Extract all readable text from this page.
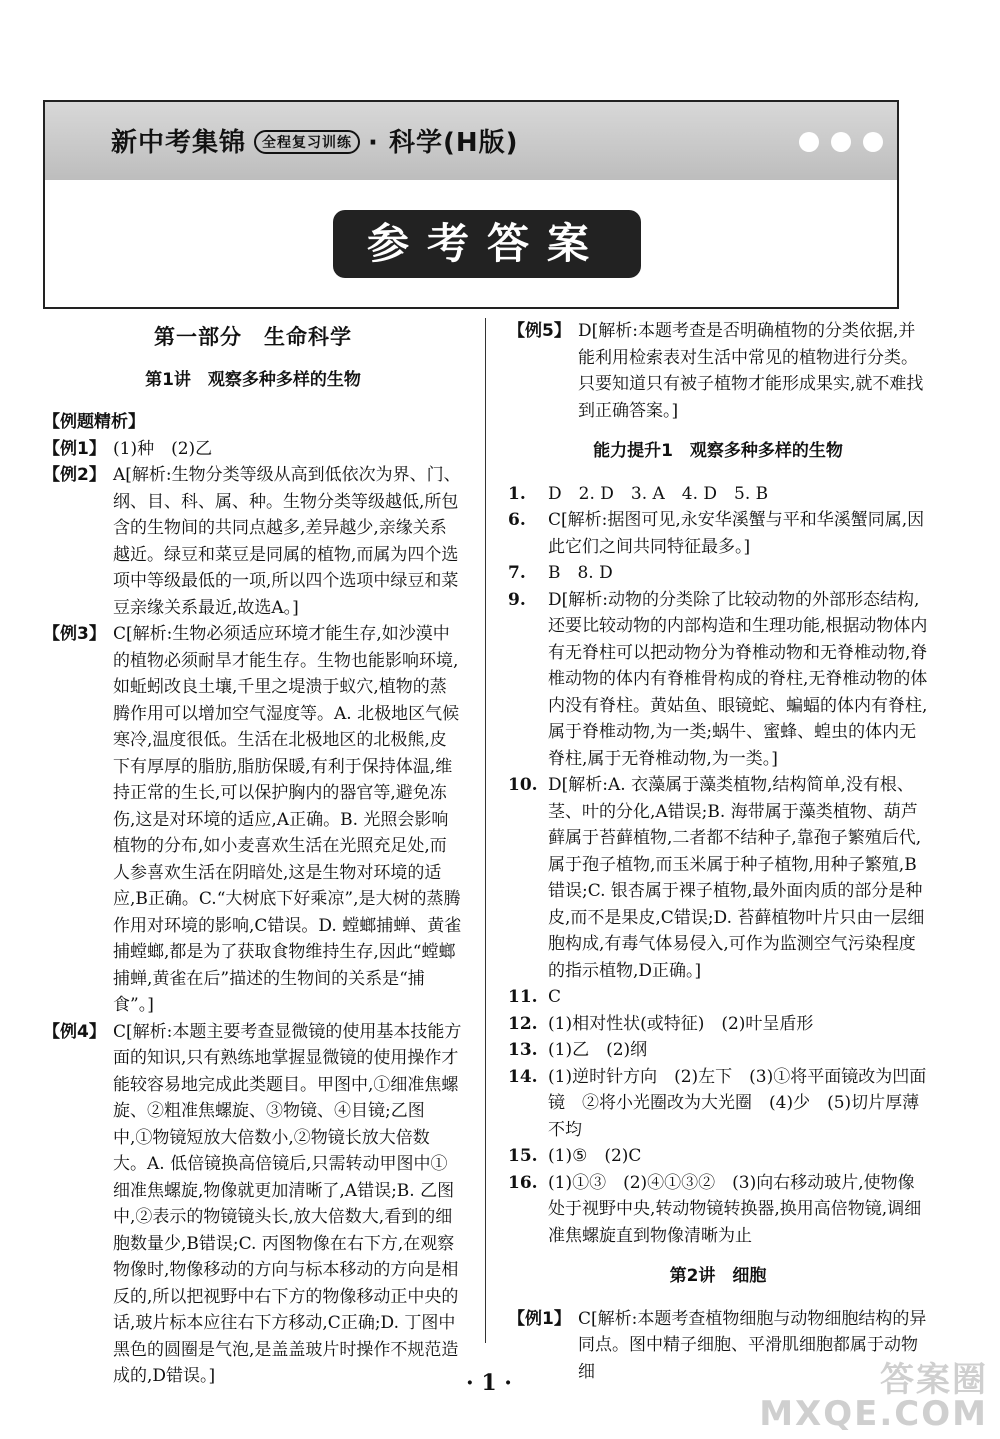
新中考集锦 全程复习训练 · 科学(H版)
参考答案
第一部分　生命科学
第1讲　观察多种多样的生物
【例题精析】
【例1】 (1)种　(2)乙
【例2】 A[解析:生物分类等级从高到低依次为界、门、纲、目、科、属、种。生物分类等级越低,所包含的生物间的共同点越多,差异越少,亲缘关系越近。绿豆和菜豆是同属的植物,而属为四个选项中等级最低的一项,所以四个选项中绿豆和菜豆亲缘关系最近,故选A。]
【例3】 C[解析:生物必须适应环境才能生存,如沙漠中的植物必须耐旱才能生存。生物也能影响环境,如蚯蚓改良土壤,千里之堤溃于蚁穴,植物的蒸腾作用可以增加空气湿度等。A. 北极地区气候寒冷,温度很低。生活在北极地区的北极熊,皮下有厚厚的脂肪,脂肪保暖,有利于保持体温,维持正常的生长,可以保护胸内的器官等,避免冻伤,这是对环境的适应,A正确。B. 光照会影响植物的分布,如小麦喜欢生活在光照充足处,而人参喜欢生活在阴暗处,这是生物对环境的适应,B正确。C.“大树底下好乘凉”,是大树的蒸腾作用对环境的影响,C错误。D. 螳螂捕蝉、黄雀捕螳螂,都是为了获取食物维持生存,因此“螳螂捕蝉,黄雀在后”描述的生物间的关系是“捕食”。]
【例4】 C[解析:本题主要考查显微镜的使用基本技能方面的知识,只有熟练地掌握显微镜的使用操作才能较容易地完成此类题目。甲图中,①细准焦螺旋、②粗准焦螺旋、③物镜、④目镜;乙图中,①物镜短放大倍数小,②物镜长放大倍数大。A. 低倍镜换高倍镜后,只需转动甲图中①细准焦螺旋,物像就更加清晰了,A错误;B. 乙图中,②表示的物镜镜头长,放大倍数大,看到的细胞数量少,B错误;C. 丙图物像在右下方,在观察物像时,物像移动的方向与标本移动的方向是相反的,所以把视野中右下方的物像移动正中央的话,玻片标本应往右下方移动,C正确;D. 丁图中黑色的圆圈是气泡,是盖盖玻片时操作不规范造成的,D错误。]
【例5】 D[解析:本题考查是否明确植物的分类依据,并能利用检索表对生活中常见的植物进行分类。只要知道只有被子植物才能形成果实,就不难找到正确答案。]
能力提升1　观察多种多样的生物
1. D　2. D　3. A　4. D　5. B
6. C[解析:据图可见,永安华溪蟹与平和华溪蟹同属,因此它们之间共同特征最多。]
7. B　8. D
9. D[解析:动物的分类除了比较动物的外部形态结构,还要比较动物的内部构造和生理功能,根据动物体内有无脊柱可以把动物分为脊椎动物和无脊椎动物,脊椎动物的体内有脊椎骨构成的脊柱,无脊椎动物的体内没有脊柱。黄姑鱼、眼镜蛇、蝙蝠的体内有脊柱,属于脊椎动物,为一类;蜗牛、蜜蜂、蝗虫的体内无脊柱,属于无脊椎动物,为一类。]
10. D[解析:A. 衣藻属于藻类植物,结构简单,没有根、茎、叶的分化,A错误;B. 海带属于藻类植物、葫芦藓属于苔藓植物,二者都不结种子,靠孢子繁殖后代,属于孢子植物,而玉米属于种子植物,用种子繁殖,B错误;C. 银杏属于裸子植物,最外面肉质的部分是种皮,而不是果皮,C错误;D. 苔藓植物叶片只由一层细胞构成,有毒气体易侵入,可作为监测空气污染程度的指示植物,D正确。]
11. C
12. (1)相对性状(或特征)　(2)叶呈盾形
13. (1)乙　(2)纲
14. (1)逆时针方向　(2)左下　(3)①将平面镜改为凹面镜　②将小光圈改为大光圈　(4)少　(5)切片厚薄不均
15. (1)⑤　(2)C
16. (1)①③　(2)④①③②　(3)向右移动玻片,使物像处于视野中央,转动物镜转换器,换用高倍物镜,调细准焦螺旋直到物像清晰为止
第2讲　细胞
【例1】 C[解析:本题考查植物细胞与动物细胞结构的异同点。图中精子细胞、平滑肌细胞都属于动物细
· 1 ·	答案圈
MXQE.COM
